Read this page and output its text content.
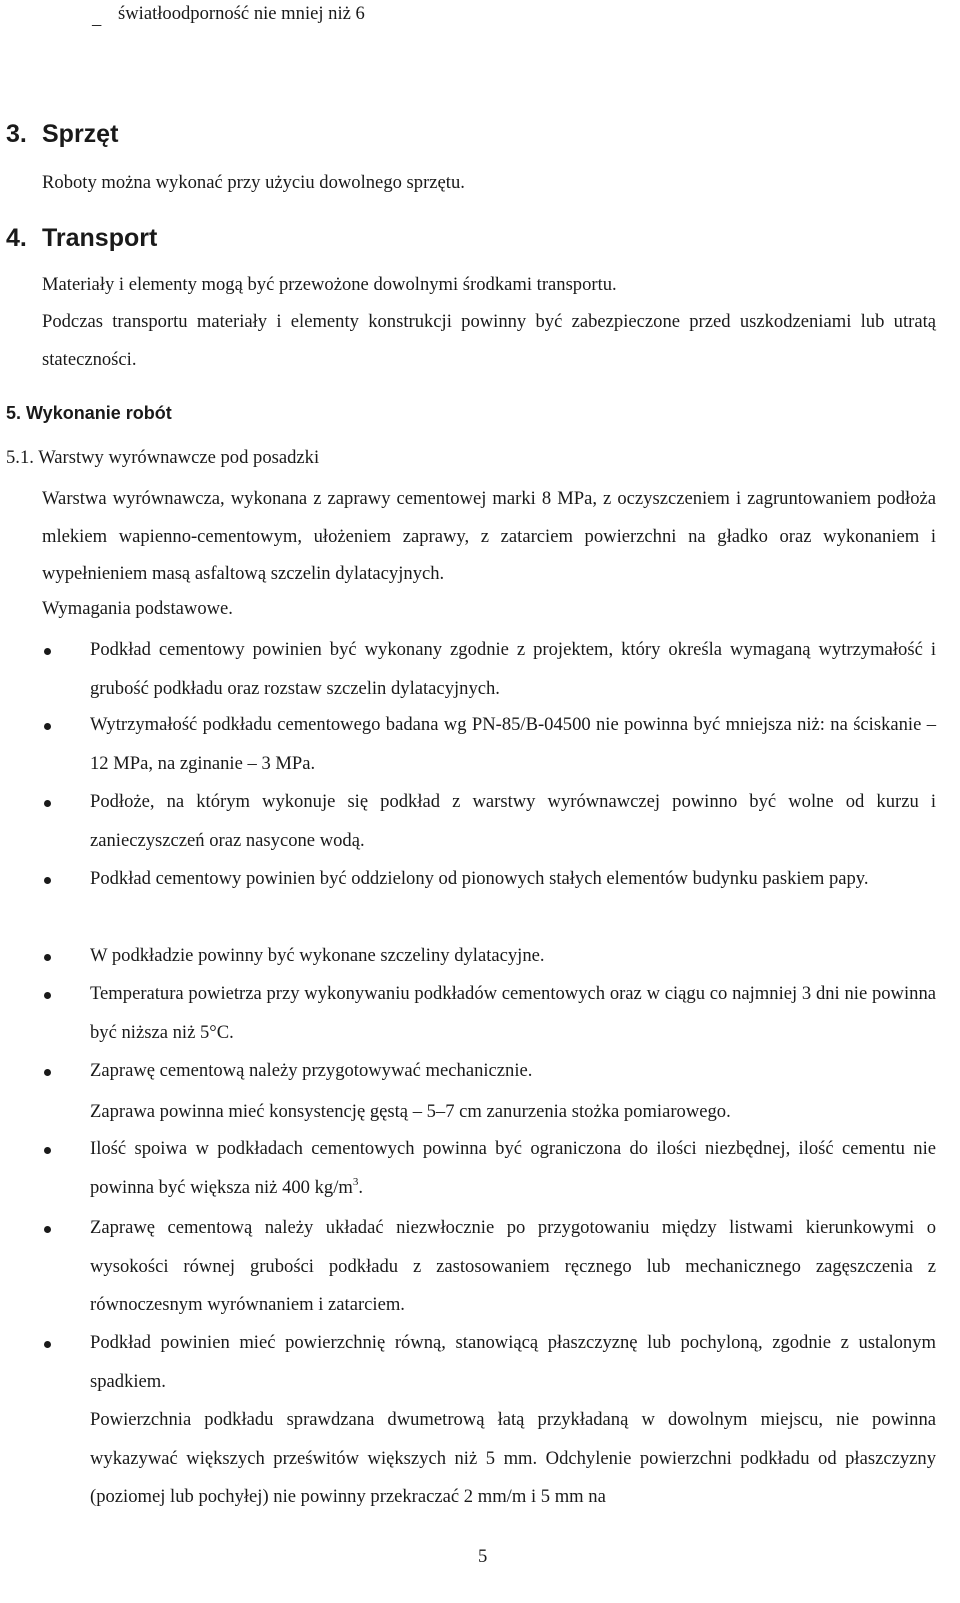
–
światłoodporność nie mniej niż 6
3. Sprzęt
Roboty można wykonać przy użyciu dowolnego sprzętu.
4. Transport
Materiały i elementy mogą być przewożone dowolnymi środkami transportu.
Podczas transportu materiały i elementy konstrukcji powinny być zabezpieczone przed uszkodzeniami lub utratą stateczności.
5. Wykonanie robót
5.1. Warstwy wyrównawcze pod posadzki
Warstwa wyrównawcza, wykonana z zaprawy cementowej marki 8 MPa, z oczyszczeniem i zagruntowaniem podłoża mlekiem wapienno-cementowym, ułożeniem zaprawy, z zatarciem powierzchni na gładko oraz wykonaniem i wypełnieniem masą asfaltową szczelin dylatacyjnych.
Wymagania podstawowe.
Podkład cementowy powinien być wykonany zgodnie z projektem, który określa wymaganą wytrzymałość i grubość podkładu oraz rozstaw szczelin dylatacyjnych.
Wytrzymałość podkładu cementowego badana wg PN-85/B-04500 nie powinna być mniejsza niż: na ściskanie – 12 MPa, na zginanie – 3 MPa.
Podłoże, na którym wykonuje się podkład z warstwy wyrównawczej powinno być wolne od kurzu i zanieczyszczeń oraz nasycone wodą.
Podkład cementowy powinien być oddzielony od pionowych stałych elementów budynku paskiem papy.
W podkładzie powinny być wykonane szczeliny dylatacyjne.
Temperatura powietrza przy wykonywaniu podkładów cementowych oraz w ciągu co najmniej 3 dni nie powinna być niższa niż 5°C.
Zaprawę cementową należy przygotowywać mechanicznie.
Zaprawa powinna mieć konsystencję gęstą – 5–7 cm zanurzenia stożka pomiarowego.
Ilość spoiwa w podkładach cementowych powinna być ograniczona do ilości niezbędnej, ilość cementu nie powinna być większa niż 400 $kg/m^3$.
Zaprawę cementową należy układać niezwłocznie po przygotowaniu między listwami kierunkowymi o wysokości równej grubości podkładu z zastosowaniem ręcznego lub mechanicznego zagęszczenia z równoczesnym wyrównaniem i zatarciem.
Podkład powinien mieć powierzchnię równą, stanowiącą płaszczyznę lub pochyloną, zgodnie z ustalonym spadkiem.
Powierzchnia podkładu sprawdzana dwumetrową łatą przykładaną w dowolnym miejscu, nie powinna wykazywać większych prześwitów większych niż 5 mm. Odchylenie powierzchni podkładu od płaszczyzny (poziomej lub pochyłej) nie powinny przekraczać 2 mm/m i 5 mm na
5
